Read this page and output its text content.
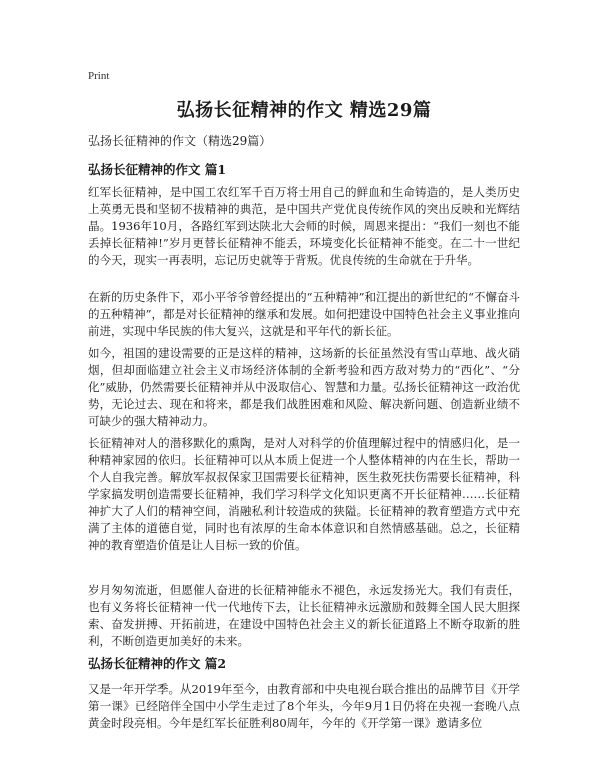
Print
弘扬长征精神的作文 精选29篇
弘扬长征精神的作文（精选29篇）
弘扬长征精神的作文 篇1
红军长征精神，是中国工农红军千百万将士用自己的鲜血和生命铸造的，是人类历史上英勇无畏和坚韧不拔精神的典范，是中国共产党优良传统作风的突出反映和光辉结晶。1936年10月，各路红军到达陕北大会师的时候，周恩来提出：“我们一刻也不能丢掉长征精神!”岁月更替长征精神不能丢，环境变化长征精神不能变。在二十一世纪的今天，现实一再表明，忘记历史就等于背叛。优良传统的生命就在于升华。
在新的历史条件下，邓小平爷爷曾经提出的“五种精神”和江提出的新世纪的“不懈奋斗的五种精神”，都是对长征精神的继承和发展。如何把建设中国特色社会主义事业推向前进，实现中华民族的伟大复兴，这就是和平年代的新长征。
如今，祖国的建设需要的正是这样的精神，这场新的长征虽然没有雪山草地、战火硝烟，但却面临建立社会主义市场经济体制的全新考验和西方敌对势力的“西化”、“分化”威胁，仍然需要长征精神并从中汲取信心、智慧和力量。弘扬长征精神这一政治优势，无论过去、现在和将来，都是我们战胜困难和风险、解决新问题、创造新业绩不可缺少的强大精神动力。
长征精神对人的潜移默化的熏陶，是对人对科学的价值理解过程中的情感归化，是一种精神家园的依归。长征精神可以从本质上促进一个人整体精神的内在生长，帮助一个人自我完善。解放军叔叔保家卫国需要长征精神，医生救死扶伤需要长征精神，科学家搞发明创造需要长征精神，我们学习科学文化知识更离不开长征精神……长征精神扩大了人们的精神空间，消融私利计较造成的狭隘。长征精神的教育塑造方式中充满了主体的道德自觉，同时也有浓厚的生命本体意识和自然情感基础。总之，长征精神的教育塑造价值是让人目标一致的价值。
岁月匆匆流逝，但愿催人奋进的长征精神能永不褪色，永远发扬光大。我们有责任，也有义务将长征精神一代一代地传下去，让长征精神永远激励和鼓舞全国人民大胆探索、奋发拼搏、开拓前进，在建设中国特色社会主义的新长征道路上不断夺取新的胜利，不断创造更加美好的未来。
弘扬长征精神的作文 篇2
又是一年开学季。从2019年至今，由教育部和中央电视台联合推出的品牌节目《开学第一课》已经陪伴全国中小学生走过了8个年头，今年9月1日仍将在央视一套晚八点黄金时段亮相。今年是红军长征胜利80周年，今年的《开学第一课》邀请多位
